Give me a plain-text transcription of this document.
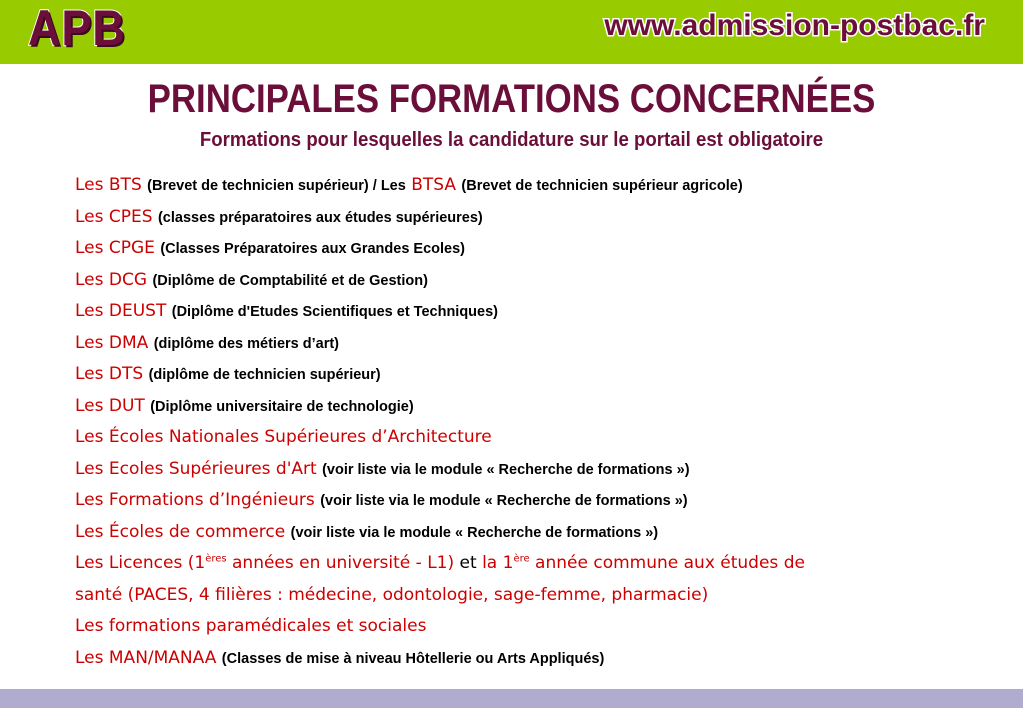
APB	www.admission-postbac.fr
PRINCIPALES FORMATIONS CONCERNÉES
Formations pour lesquelles la candidature sur le portail est obligatoire
Les BTS (Brevet de technicien supérieur) / Les BTSA (Brevet de technicien supérieur agricole)
Les CPES (classes préparatoires aux études supérieures)
Les CPGE (Classes Préparatoires aux Grandes Ecoles)
Les DCG (Diplôme de Comptabilité et de Gestion)
Les DEUST (Diplôme d'Etudes Scientifiques et Techniques)
Les DMA (diplôme des métiers d’art)
Les DTS (diplôme de technicien supérieur)
Les DUT (Diplôme universitaire de technologie)
Les Écoles Nationales Supérieures d’Architecture
Les Ecoles Supérieures d'Art (voir liste via le module « Recherche de formations »)
Les Formations d’Ingénieurs (voir liste via le module « Recherche de formations »)
Les Écoles de commerce (voir liste via le module « Recherche de formations »)
Les Licences (1ères années en université - L1) et la 1ère année commune aux études de
santé (PACES, 4 filières : médecine, odontologie, sage-femme, pharmacie)
Les formations paramédicales et sociales
Les MAN/MANAA (Classes de mise à niveau Hôtellerie ou Arts Appliqués)
